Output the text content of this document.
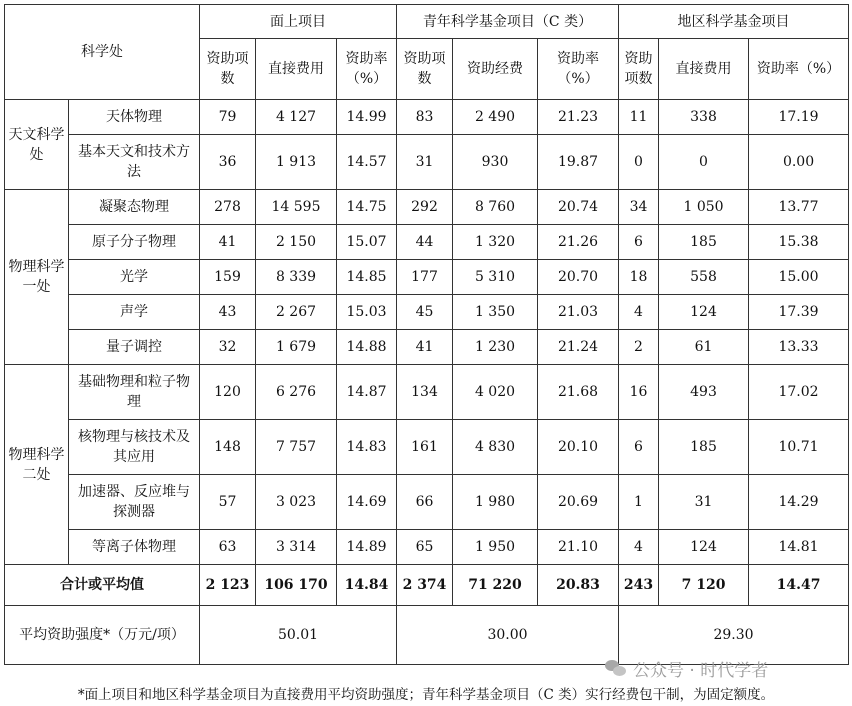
科学处		面上项目			青年科学基金项目（C 类）			地区科学基金项目		
		资助项数	直接费用	资助率（%）	资助项数	资助经费	资助率（%）	资助项数	直接费用	资助率（%）
天文科学处	天体物理	79	4 127	14.99	83	2 490	21.23	11	338	17.19
	基本天文和技术方法	36	1 913	14.57	31	930	19.87	0	0	0.00
物理科学一处	凝聚态物理	278	14 595	14.75	292	8 760	20.74	34	1 050	13.77
	原子分子物理	41	2 150	15.07	44	1 320	21.26	6	185	15.38
	光学	159	8 339	14.85	177	5 310	20.70	18	558	15.00
	声学	43	2 267	15.03	45	1 350	21.03	4	124	17.39
	量子调控	32	1 679	14.88	41	1 230	21.24	2	61	13.33
物理科学二处	基础物理和粒子物理	120	6 276	14.87	134	4 020	21.68	16	493	17.02
	核物理与核技术及其应用	148	7 757	14.83	161	4 830	20.10	6	185	10.71
	加速器、反应堆与探测器	57	3 023	14.69	66	1 980	20.69	1	31	14.29
	等离子体物理	63	3 314	14.89	65	1 950	21.10	4	124	14.81
合计或平均值		2 123	106 170	14.84	2 374	71 220	20.83	243	7 120	14.47
平均资助强度*（万元/项）		50.01			30.00			29.30		
*面上项目和地区科学基金项目为直接费用平均资助强度；青年科学基金项目（C 类）实行经费包干制，为固定额度。
公众号 · 时代学者
